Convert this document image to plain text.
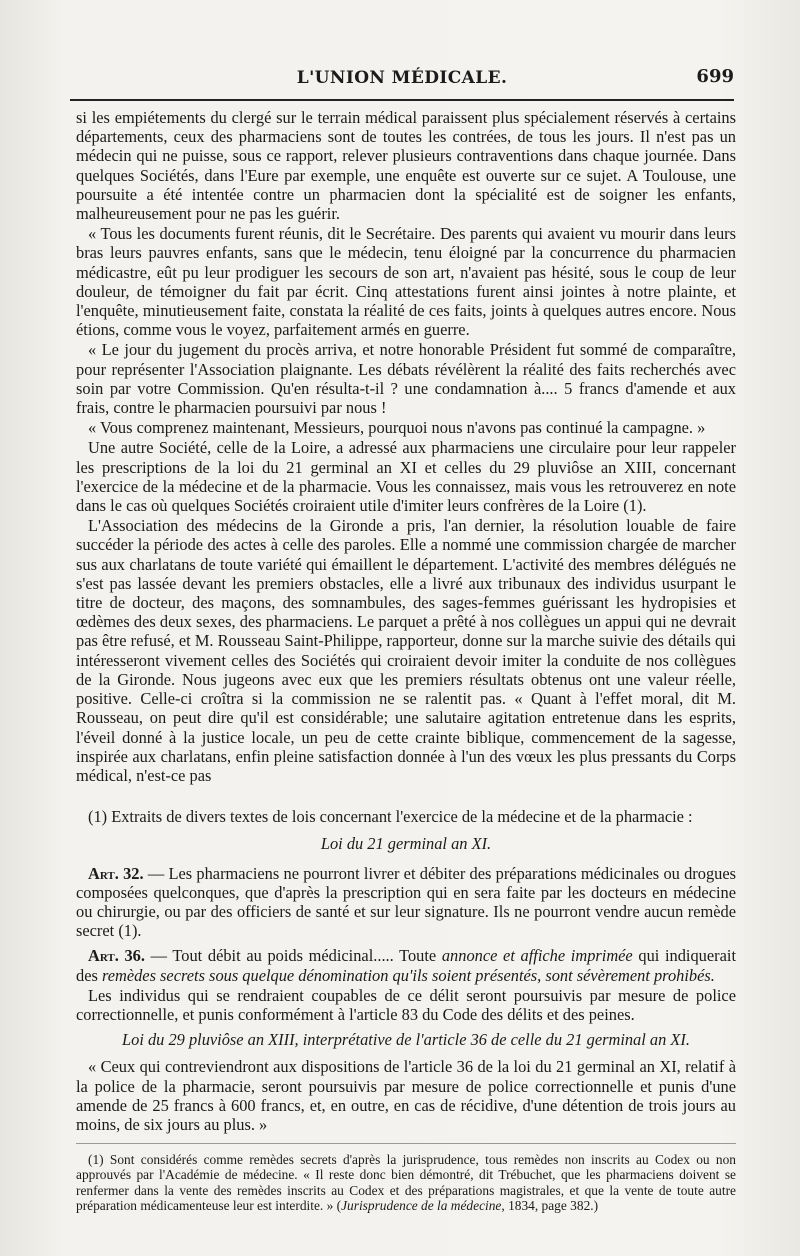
L'UNION MÉDICALE.	699

si les empiétements du clergé sur le terrain médical paraissent plus spécialement réservés à certains départements, ceux des pharmaciens sont de toutes les contrées, de tous les jours. Il n'est pas un médecin qui ne puisse, sous ce rapport, relever plusieurs contraventions dans chaque journée. Dans quelques Sociétés, dans l'Eure par exemple, une enquête est ouverte sur ce sujet. A Toulouse, une poursuite a été intentée contre un pharmacien dont la spécialité est de soigner les enfants, malheureusement pour ne pas les guérir.

« Tous les documents furent réunis, dit le Secrétaire. Des parents qui avaient vu mourir dans leurs bras leurs pauvres enfants, sans que le médecin, tenu éloigné par la concurrence du pharmacien médicastre, eût pu leur prodiguer les secours de son art, n'avaient pas hésité, sous le coup de leur douleur, de témoigner du fait par écrit. Cinq attestations furent ainsi jointes à notre plainte, et l'enquête, minutieusement faite, constata la réalité de ces faits, joints à quelques autres encore. Nous étions, comme vous le voyez, parfaitement armés en guerre.

« Le jour du jugement du procès arriva, et notre honorable Président fut sommé de comparaître, pour représenter l'Association plaignante. Les débats révélèrent la réalité des faits recherchés avec soin par votre Commission. Qu'en résulta-t-il ? une condamnation à.... 5 francs d'amende et aux frais, contre le pharmacien poursuivi par nous !

« Vous comprenez maintenant, Messieurs, pourquoi nous n'avons pas continué la campagne. »

Une autre Société, celle de la Loire, a adressé aux pharmaciens une circulaire pour leur rappeler les prescriptions de la loi du 21 germinal an XI et celles du 29 pluviôse an XIII, concernant l'exercice de la médecine et de la pharmacie. Vous les connaissez, mais vous les retrouverez en note dans le cas où quelques Sociétés croiraient utile d'imiter leurs confrères de la Loire (1).

L'Association des médecins de la Gironde a pris, l'an dernier, la résolution louable de faire succéder la période des actes à celle des paroles. Elle a nommé une commission chargée de marcher sus aux charlatans de toute variété qui émaillent le département. L'activité des membres délégués ne s'est pas lassée devant les premiers obstacles, elle a livré aux tribunaux des individus usurpant le titre de docteur, des maçons, des somnambules, des sages-femmes guérissant les hydropisies et œdèmes des deux sexes, des pharmaciens. Le parquet a prêté à nos collègues un appui qui ne devrait pas être refusé, et M. Rousseau Saint-Philippe, rapporteur, donne sur la marche suivie des détails qui intéresseront vivement celles des Sociétés qui croiraient devoir imiter la conduite de nos collègues de la Gironde. Nous jugeons avec eux que les premiers résultats obtenus ont une valeur réelle, positive. Celle-ci croîtra si la commission ne se ralentit pas. « Quant à l'effet moral, dit M. Rousseau, on peut dire qu'il est considérable; une salutaire agitation entretenue dans les esprits, l'éveil donné à la justice locale, un peu de cette crainte biblique, commencement de la sagesse, inspirée aux charlatans, enfin pleine satisfaction donnée à l'un des vœux les plus pressants du Corps médical, n'est-ce pas

(1) Extraits de divers textes de lois concernant l'exercice de la médecine et de la pharmacie :

Loi du 21 germinal an XI.

Art. 32. — Les pharmaciens ne pourront livrer et débiter des préparations médicinales ou drogues composées quelconques, que d'après la prescription qui en sera faite par les docteurs en médecine ou chirurgie, ou par des officiers de santé et sur leur signature. Ils ne pourront vendre aucun remède secret (1).

Art. 36. — Tout débit au poids médicinal..... Toute annonce et affiche imprimée qui indiquerait des remèdes secrets sous quelque dénomination qu'ils soient présentés, sont sévèrement prohibés.

Les individus qui se rendraient coupables de ce délit seront poursuivis par mesure de police correctionnelle, et punis conformément à l'article 83 du Code des délits et des peines.

Loi du 29 pluviôse an XIII, interprétative de l'article 36 de celle du 21 germinal an XI.

« Ceux qui contreviendront aux dispositions de l'article 36 de la loi du 21 germinal an XI, relatif à la police de la pharmacie, seront poursuivis par mesure de police correctionnelle et punis d'une amende de 25 francs à 600 francs, et, en outre, en cas de récidive, d'une détention de trois jours au moins, de six jours au plus. »

(1) Sont considérés comme remèdes secrets d'après la jurisprudence, tous remèdes non inscrits au Codex ou non approuvés par l'Académie de médecine. « Il reste donc bien démontré, dit Trébuchet, que les pharmaciens doivent se renfermer dans la vente des remèdes inscrits au Codex et des préparations magistrales, et que la vente de toute autre préparation médicamenteuse leur est interdite. » (Jurisprudence de la médecine, 1834, page 382.)
